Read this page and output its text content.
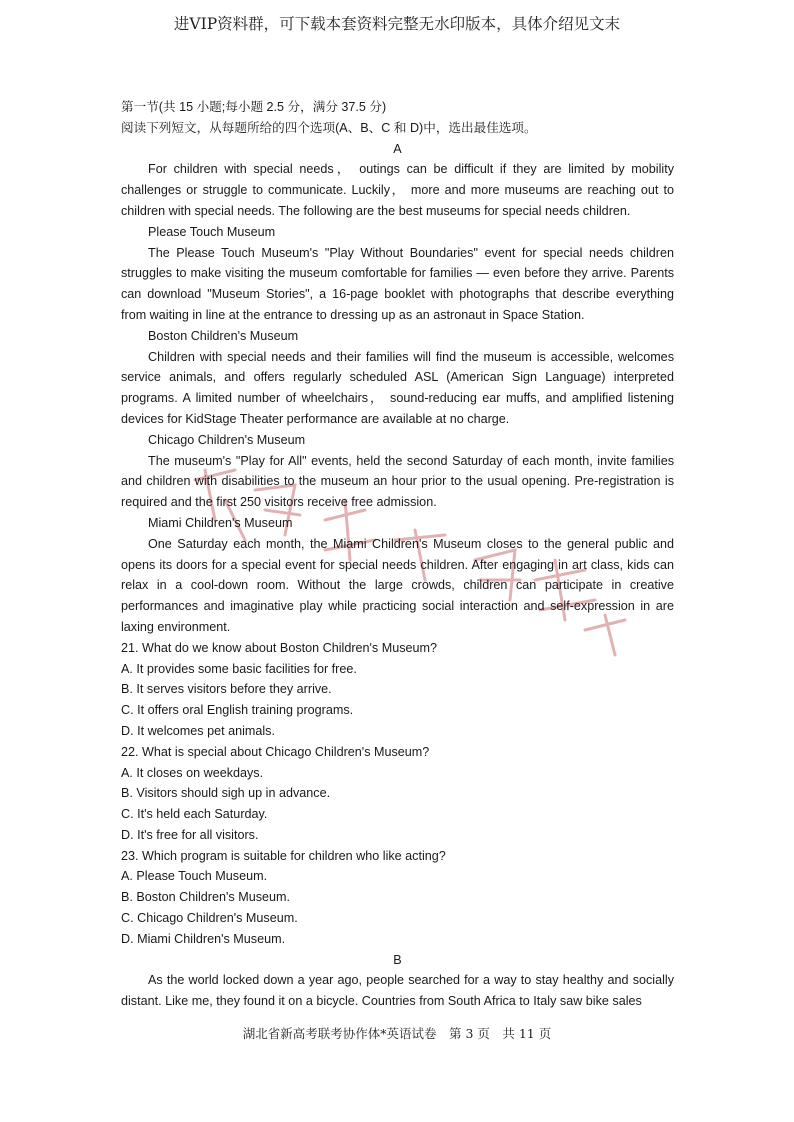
进VIP资料群，可下载本套资料完整无水印版本，具体介绍见文末

第一节(共 15 小题;每小题 2.5 分，满分 37.5 分)

阅读下列短文，从每题所给的四个选项(A、B、C 和 D)中，选出最佳选项。

A

For children with special needs， outings can be difficult if they are limited by mobility challenges or struggle to communicate. Luckily， more and more museums are reaching out to children with special needs. The following are the best museums for special needs children.

Please Touch Museum

The Please Touch Museum's "Play Without Boundaries" event for special needs children struggles to make visiting the museum comfortable for families — even before they arrive. Parents can download "Museum Stories", a 16-page booklet with photographs that describe everything from waiting in line at the entrance to dressing up as an astronaut in Space Station.

Boston Children's Museum

Children with special needs and their families will find the museum is accessible, welcomes service animals, and offers regularly scheduled ASL (American Sign Language) interpreted programs. A limited number of wheelchairs， sound-reducing ear muffs, and amplified listening devices for KidStage Theater performance are available at no charge.

Chicago Children's Museum

The museum's "Play for All" events, held the second Saturday of each month, invite families and children with disabilities to the museum an hour prior to the usual opening. Pre-registration is required and the first 250 visitors receive free admission.

Miami Children's Museum

One Saturday each month, the Miami Children's Museum closes to the general public and opens its doors for a special event for special needs children. After engaging in art class, kids can relax in a cool-down room. Without the large crowds, children can participate in creative performances and imaginative play while practicing social interaction and self-expression in are laxing environment.

21. What do we know about Boston Children's Museum?

A. It provides some basic facilities for free.

B. It serves visitors before they arrive.

C. It offers oral English training programs.

D. It welcomes pet animals.

22. What is special about Chicago Children's Museum?

A. It closes on weekdays.

B. Visitors should sigh up in advance.

C. It's held each Saturday.

D. It's free for all visitors.

23. Which program is suitable for children who like acting?

A. Please Touch Museum.

B. Boston Children's Museum.

C. Chicago Children's Museum.

D. Miami Children's Museum.

B

As the world locked down a year ago, people searched for a way to stay healthy and socially distant. Like me, they found it on a bicycle. Countries from South Africa to Italy saw bike sales

湖北省新高考联考协作体*英语试卷　第 3 页　共 11 页
